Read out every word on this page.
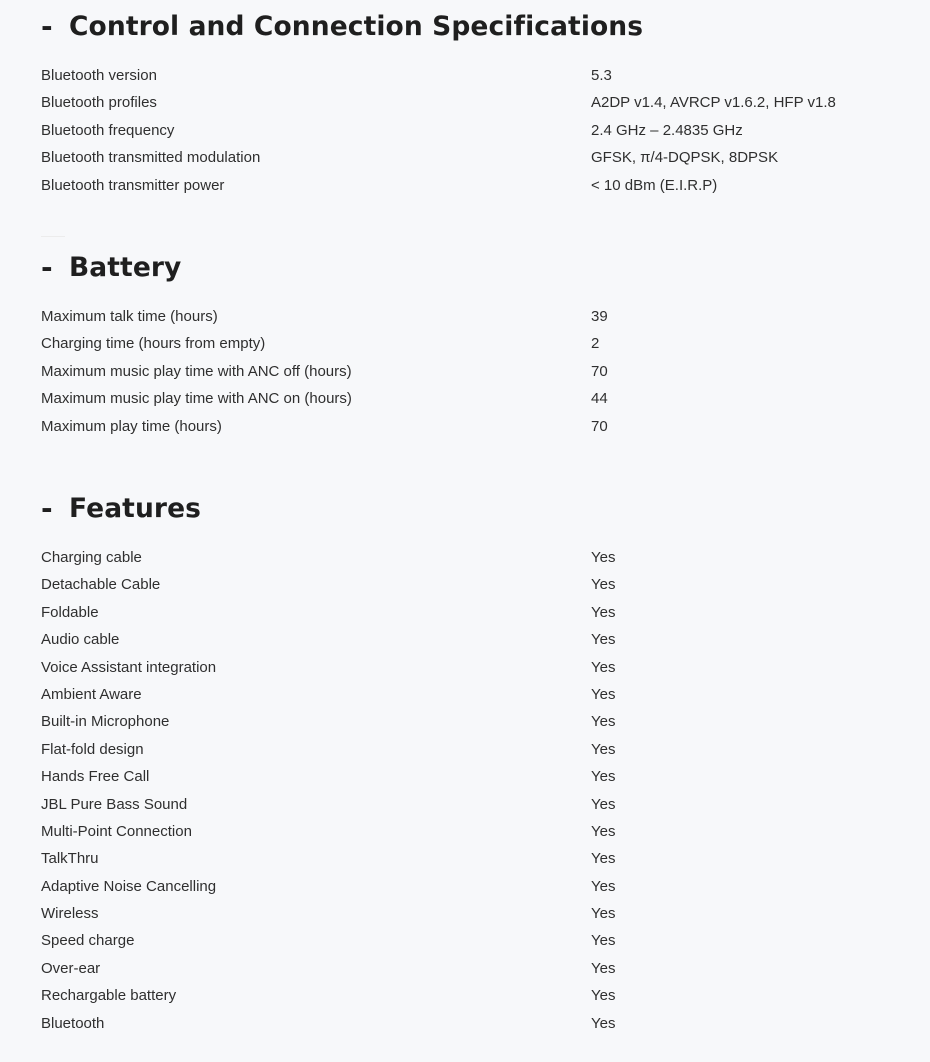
- Control and Connection Specifications
Bluetooth version	5.3
Bluetooth profiles	A2DP v1.4, AVRCP v1.6.2, HFP v1.8
Bluetooth frequency	2.4 GHz – 2.4835 GHz
Bluetooth transmitted modulation	GFSK, π/4-DQPSK, 8DPSK
Bluetooth transmitter power	< 10 dBm (E.I.R.P)
- Battery
Maximum talk time (hours)	39
Charging time (hours from empty)	2
Maximum music play time with ANC off (hours)	70
Maximum music play time with ANC on (hours)	44
Maximum play time (hours)	70
- Features
Charging cable	Yes
Detachable Cable	Yes
Foldable	Yes
Audio cable	Yes
Voice Assistant integration	Yes
Ambient Aware	Yes
Built-in Microphone	Yes
Flat-fold design	Yes
Hands Free Call	Yes
JBL Pure Bass Sound	Yes
Multi-Point Connection	Yes
TalkThru	Yes
Adaptive Noise Cancelling	Yes
Wireless	Yes
Speed charge	Yes
Over-ear	Yes
Rechargable battery	Yes
Bluetooth	Yes
